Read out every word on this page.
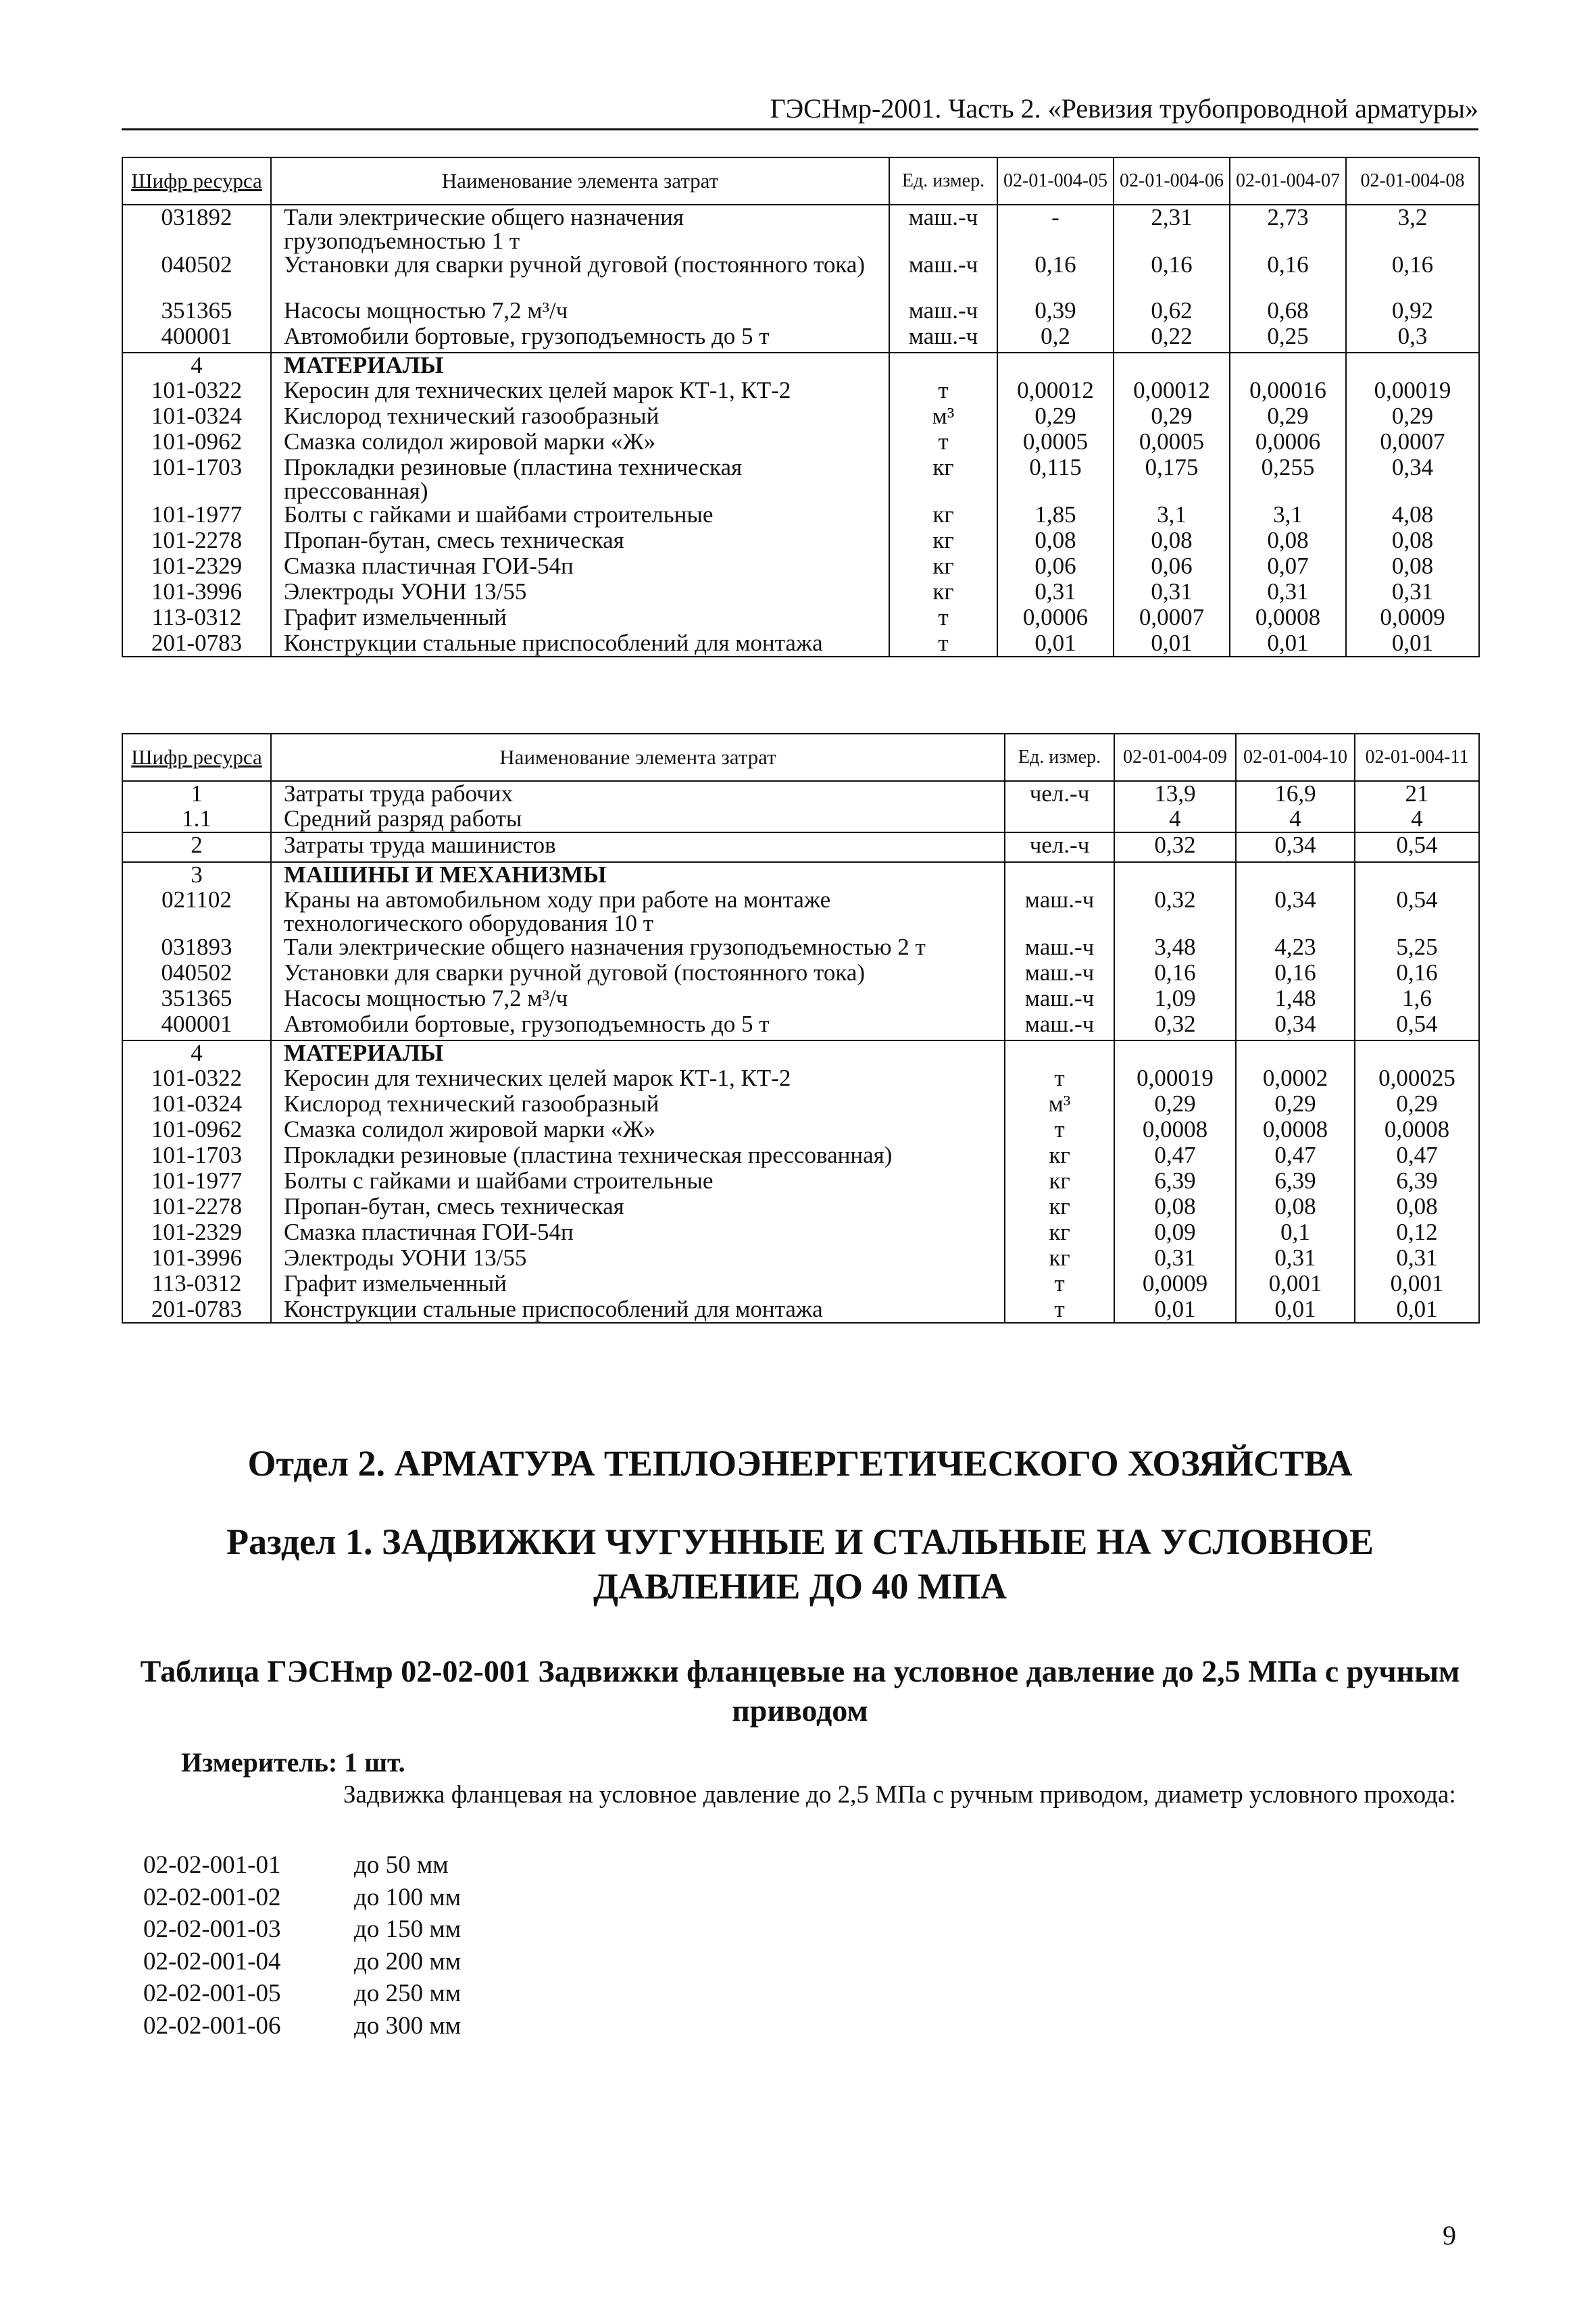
ГЭСНмр-2001. Часть 2. «Ревизия трубопроводной арматуры»
Шифр ресурса	Наименование элемента затрат	Ед. измер.	02-01-004-05	02-01-004-06	02-01-004-07	02-01-004-08
031892	Тали электрические общего назначения грузоподъемностью 1 т	маш.-ч	-	2,31	2,73	3,2
040502	Установки для сварки ручной дуговой (постоянного тока)	маш.-ч	0,16	0,16	0,16	0,16
351365	Насосы мощностью 7,2 м³/ч	маш.-ч	0,39	0,62	0,68	0,92
400001	Автомобили бортовые, грузоподъемность до 5 т	маш.-ч	0,2	0,22	0,25	0,3
4	МАТЕРИАЛЫ					
101-0322	Керосин для технических целей марок КТ-1, КТ-2	т	0,00012	0,00012	0,00016	0,00019
101-0324	Кислород технический газообразный	м³	0,29	0,29	0,29	0,29
101-0962	Смазка солидол жировой марки «Ж»	т	0,0005	0,0005	0,0006	0,0007
101-1703	Прокладки резиновые (пластина техническая прессованная)	кг	0,115	0,175	0,255	0,34
101-1977	Болты с гайками и шайбами строительные	кг	1,85	3,1	3,1	4,08
101-2278	Пропан-бутан, смесь техническая	кг	0,08	0,08	0,08	0,08
101-2329	Смазка пластичная ГОИ-54п	кг	0,06	0,06	0,07	0,08
101-3996	Электроды УОНИ 13/55	кг	0,31	0,31	0,31	0,31
113-0312	Графит измельченный	т	0,0006	0,0007	0,0008	0,0009
201-0783	Конструкции стальные приспособлений для монтажа	т	0,01	0,01	0,01	0,01
Шифр ресурса	Наименование элемента затрат	Ед. измер.	02-01-004-09	02-01-004-10	02-01-004-11
1	Затраты труда рабочих	чел.-ч	13,9	16,9	21
1.1	Средний разряд работы		4	4	4
2	Затраты труда машинистов	чел.-ч	0,32	0,34	0,54
3	МАШИНЫ И МЕХАНИЗМЫ				
021102	Краны на автомобильном ходу при работе на монтаже технологического оборудования 10 т	маш.-ч	0,32	0,34	0,54
031893	Тали электрические общего назначения грузоподъемностью 2 т	маш.-ч	3,48	4,23	5,25
040502	Установки для сварки ручной дуговой (постоянного тока)	маш.-ч	0,16	0,16	0,16
351365	Насосы мощностью 7,2 м³/ч	маш.-ч	1,09	1,48	1,6
400001	Автомобили бортовые, грузоподъемность до 5 т	маш.-ч	0,32	0,34	0,54
4	МАТЕРИАЛЫ				
101-0322	Керосин для технических целей марок КТ-1, КТ-2	т	0,00019	0,0002	0,00025
101-0324	Кислород технический газообразный	м³	0,29	0,29	0,29
101-0962	Смазка солидол жировой марки «Ж»	т	0,0008	0,0008	0,0008
101-1703	Прокладки резиновые (пластина техническая прессованная)	кг	0,47	0,47	0,47
101-1977	Болты с гайками и шайбами строительные	кг	6,39	6,39	6,39
101-2278	Пропан-бутан, смесь техническая	кг	0,08	0,08	0,08
101-2329	Смазка пластичная ГОИ-54п	кг	0,09	0,1	0,12
101-3996	Электроды УОНИ 13/55	кг	0,31	0,31	0,31
113-0312	Графит измельченный	т	0,0009	0,001	0,001
201-0783	Конструкции стальные приспособлений для монтажа	т	0,01	0,01	0,01
Отдел 2. АРМАТУРА ТЕПЛОЭНЕРГЕТИЧЕСКОГО ХОЗЯЙСТВА
Раздел 1. ЗАДВИЖКИ ЧУГУННЫЕ И СТАЛЬНЫЕ НА УСЛОВНОЕ ДАВЛЕНИЕ ДО 40 МПА
Таблица ГЭСНмр 02-02-001 Задвижки фланцевые на условное давление до 2,5 МПа с ручным приводом
Измеритель: 1 шт.
Задвижка фланцевая на условное давление до 2,5 МПа с ручным приводом, диаметр условного прохода:
02-02-001-01	до 50 мм
02-02-001-02	до 100 мм
02-02-001-03	до 150 мм
02-02-001-04	до 200 мм
02-02-001-05	до 250 мм
02-02-001-06	до 300 мм
9
